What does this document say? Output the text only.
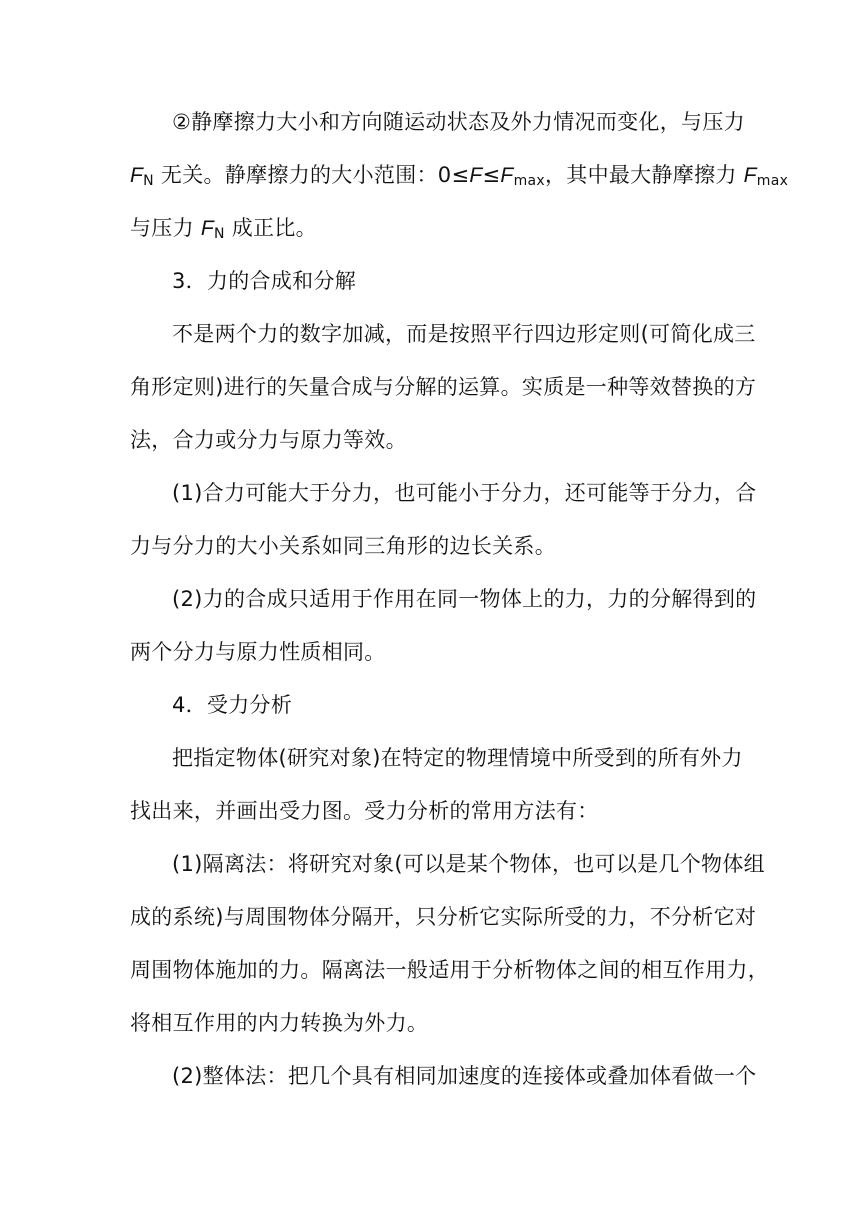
②静摩擦力大小和方向随运动状态及外力情况而变化，与压力
$F_N$ 无关。静摩擦力的大小范围：$0\le F\le F_{max}$，其中最大静摩擦力 $F_{max}$
与压力 $F_N$ 成正比。
3．力的合成和分解
不是两个力的数字加减，而是按照平行四边形定则(可简化成三
角形定则)进行的矢量合成与分解的运算。实质是一种等效替换的方
法，合力或分力与原力等效。
(1)合力可能大于分力，也可能小于分力，还可能等于分力，合
力与分力的大小关系如同三角形的边长关系。
(2)力的合成只适用于作用在同一物体上的力，力的分解得到的
两个分力与原力性质相同。
4．受力分析
把指定物体(研究对象)在特定的物理情境中所受到的所有外力
找出来，并画出受力图。受力分析的常用方法有：
(1)隔离法：将研究对象(可以是某个物体，也可以是几个物体组
成的系统)与周围物体分隔开，只分析它实际所受的力，不分析它对
周围物体施加的力。隔离法一般适用于分析物体之间的相互作用力，
将相互作用的内力转换为外力。
(2)整体法：把几个具有相同加速度的连接体或叠加体看做一个
